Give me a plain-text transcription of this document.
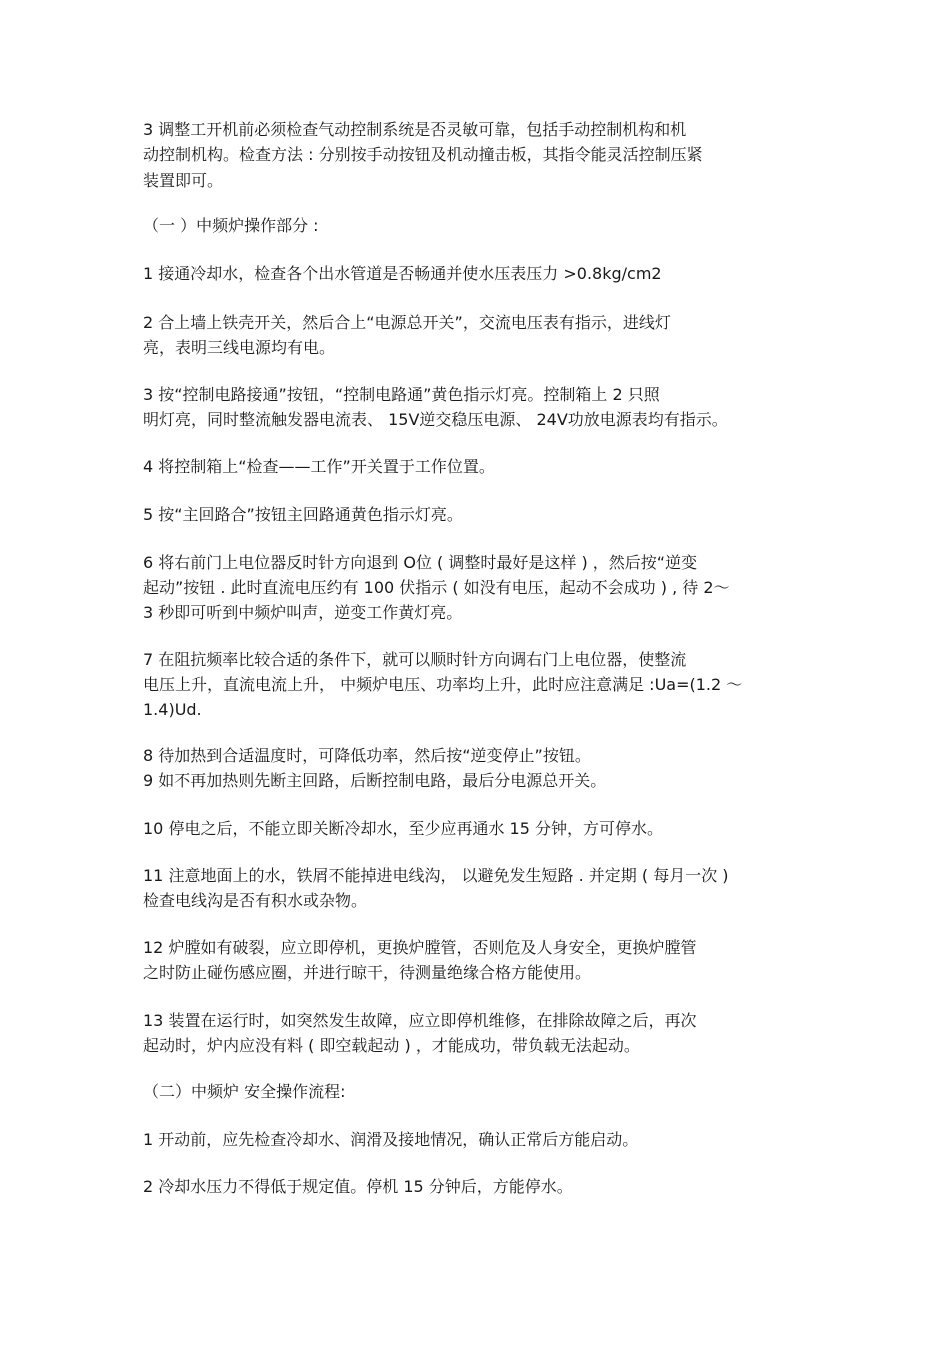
3 调整工开机前必须检查气动控制系统是否灵敏可靠，包括手动控制机构和机
动控制机构。检查方法 : 分别按手动按钮及机动撞击板，其指令能灵活控制压紧
装置即可。
（一 ）中频炉操作部分 :
1 接通冷却水，检查各个出水管道是否畅通并使水压表压力 >0.8kg/cm2
2 合上墙上铁壳开关，然后合上“电源总开关”，交流电压表有指示，进线灯
亮，表明三线电源均有电。
3 按“控制电路接通”按钮，“控制电路通”黄色指示灯亮。控制箱上 2 只照
明灯亮，同时整流触发器电流表、 15V逆交稳压电源、 24V功放电源表均有指示。
4 将控制箱上“检查——工作”开关置于工作位置。
5 按“主回路合”按钮主回路通黄色指示灯亮。
6 将右前门上电位器反时针方向退到 O位 ( 调整时最好是这样 ) ，然后按“逆变
起动”按钮 . 此时直流电压约有 100 伏指示 ( 如没有电压，起动不会成功 ) , 待 2～
3 秒即可听到中频炉叫声，逆变工作黄灯亮。
7 在阻抗频率比较合适的条件下，就可以顺时针方向调右门上电位器，使整流
电压上升，直流电流上升， 中频炉电压、功率均上升，此时应注意满足 :Ua=(1.2 ～
1.4)Ud.
8 待加热到合适温度时，可降低功率，然后按“逆变停止”按钮。
9 如不再加热则先断主回路，后断控制电路，最后分电源总开关。
10 停电之后，不能立即关断冷却水，至少应再通水 15 分钟，方可停水。
11 注意地面上的水，铁屑不能掉进电线沟， 以避免发生短路 . 并定期 ( 每月一次 )
检查电线沟是否有积水或杂物。
12 炉膛如有破裂，应立即停机，更换炉膛管，否则危及人身安全，更换炉膛管
之时防止碰伤感应圈，并进行晾干，待测量绝缘合格方能使用。
13 装置在运行时，如突然发生故障，应立即停机维修，在排除故障之后，再次
起动时，炉内应没有料 ( 即空载起动 ) ，才能成功，带负载无法起动。
（二）中频炉 安全操作流程:
1 开动前，应先检查冷却水、润滑及接地情况，确认正常后方能启动。
2 冷却水压力不得低于规定值。停机 15 分钟后，方能停水。
